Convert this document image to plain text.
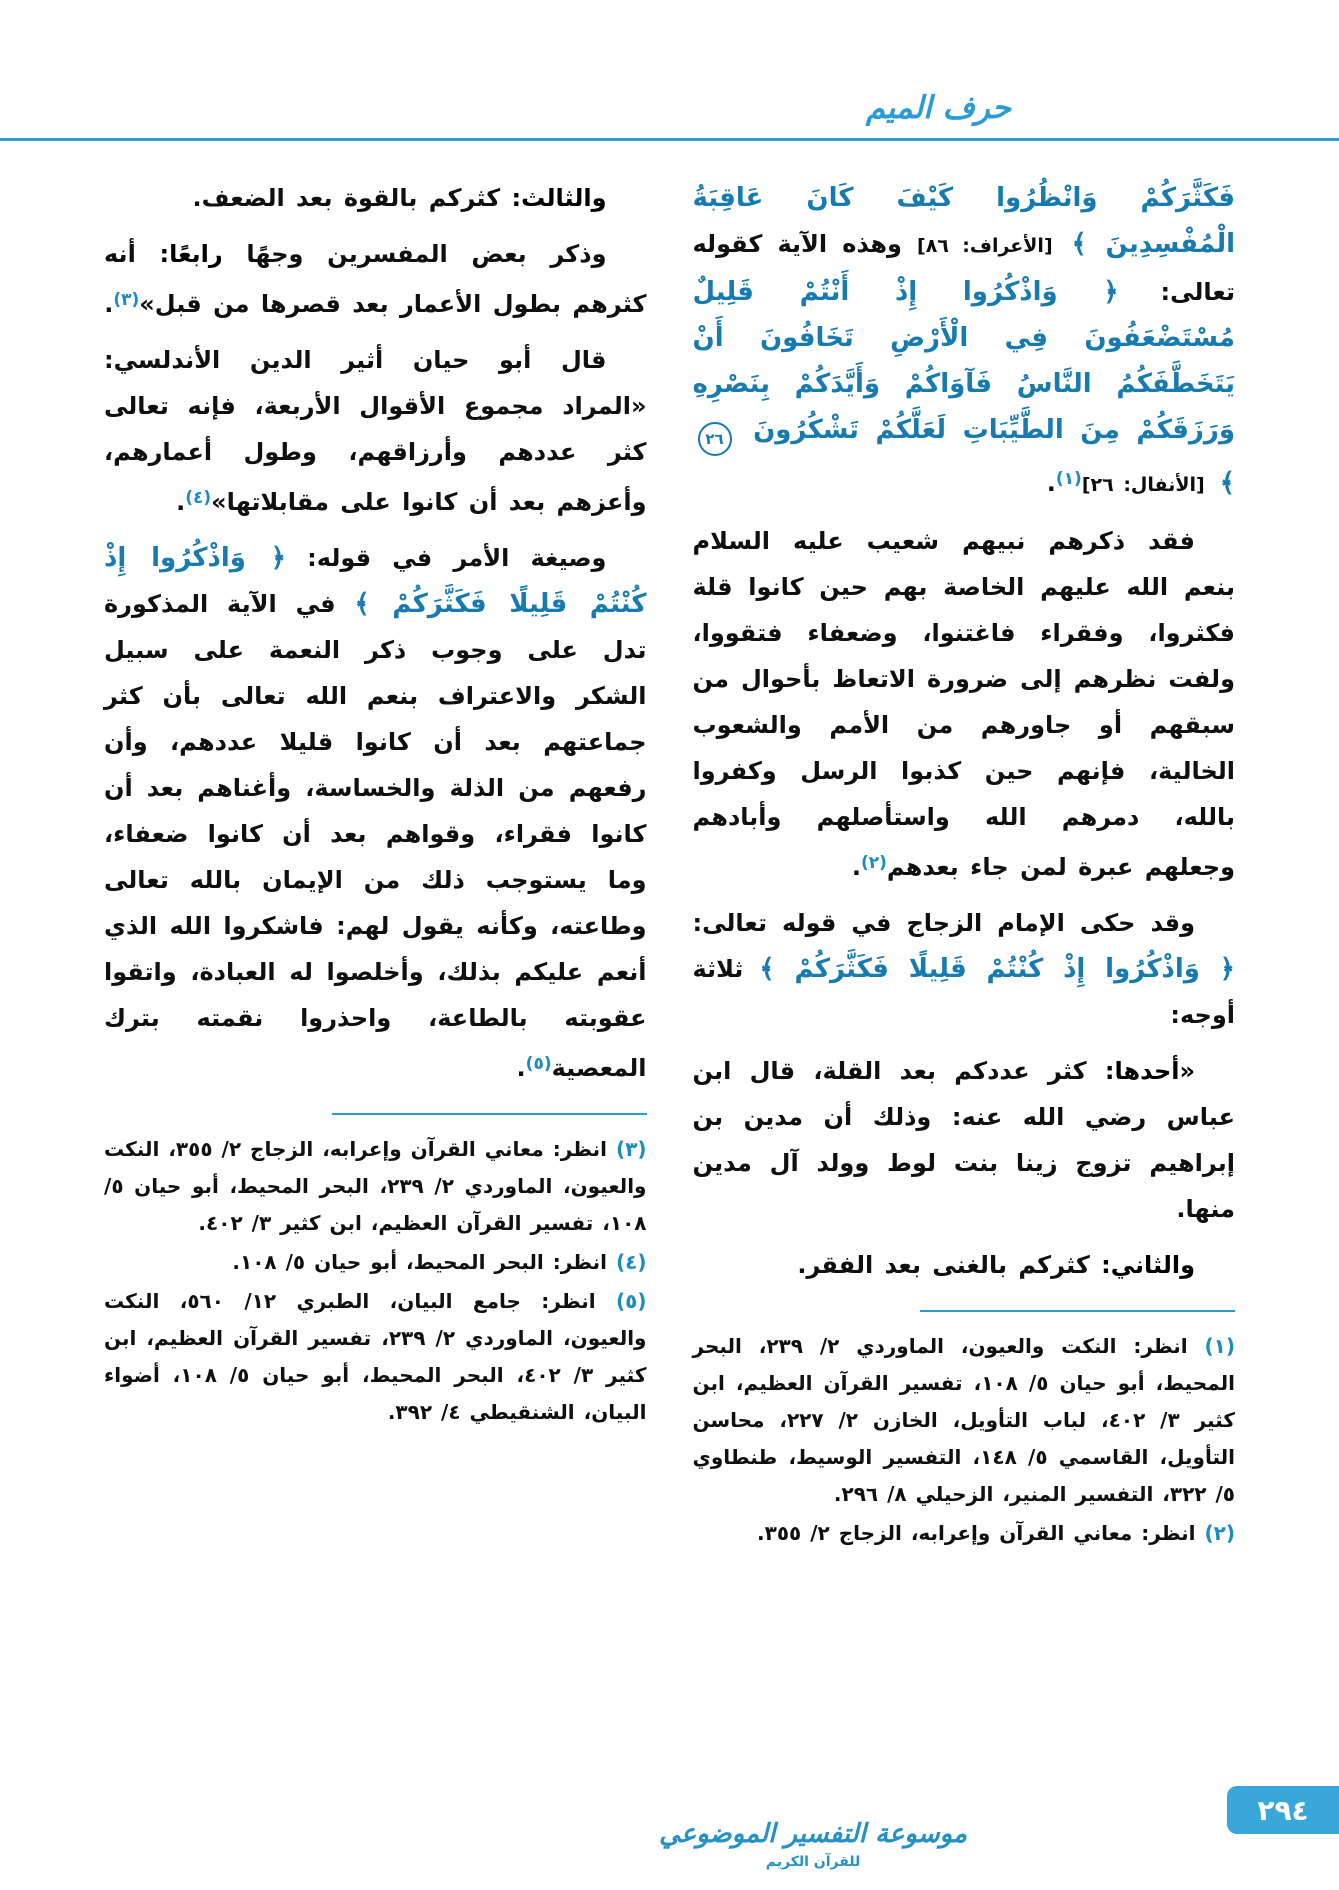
حرف الميم

فَكَثَّرَكُمْ وَانْظُرُوا كَيْفَ كَانَ عَاقِبَةُ الْمُفْسِدِينَ ﴾ [الأعراف: ٨٦] وهذه الآية كقوله تعالى: ﴿ وَاذْكُرُوا إِذْ أَنْتُمْ قَلِيلٌ مُسْتَضْعَفُونَ فِي الْأَرْضِ تَخَافُونَ أَنْ يَتَخَطَّفَكُمُ النَّاسُ فَآوَاكُمْ وَأَيَّدَكُمْ بِنَصْرِهِ وَرَزَقَكُمْ مِنَ الطَّيِّبَاتِ لَعَلَّكُمْ تَشْكُرُونَ ٢٦ ﴾ [الأنفال: ٢٦]$^{(١)}$.

فقد ذكرهم نبيهم شعيب عليه السلام بنعم الله عليهم الخاصة بهم حين كانوا قلة فكثروا، وفقراء فاغتنوا، وضعفاء فتقووا، ولفت نظرهم إلى ضرورة الاتعاظ بأحوال من سبقهم أو جاورهم من الأمم والشعوب الخالية، فإنهم حين كذبوا الرسل وكفروا بالله، دمرهم الله واستأصلهم وأبادهم وجعلهم عبرة لمن جاء بعدهم$^{(٢)}$.

وقد حكى الإمام الزجاج في قوله تعالى: ﴿ وَاذْكُرُوا إِذْ كُنْتُمْ قَلِيلًا فَكَثَّرَكُمْ ﴾ ثلاثة أوجه:

«أحدها: كثر عددكم بعد القلة، قال ابن عباس رضي الله عنه: وذلك أن مدين بن إبراهيم تزوج زينا بنت لوط وولد آل مدين منها.

والثاني: كثركم بالغنى بعد الفقر.

(١) انظر: النكت والعيون، الماوردي ٢/ ٢٣٩، البحر المحيط، أبو حيان ٥/ ١٠٨، تفسير القرآن العظيم، ابن كثير ٣/ ٤٠٢، لباب التأويل، الخازن ٢/ ٢٢٧، محاسن التأويل، القاسمي ٥/ ١٤٨، التفسير الوسيط، طنطاوي ٥/ ٣٢٢، التفسير المنير، الزحيلي ٨/ ٢٩٦.
(٢) انظر: معاني القرآن وإعرابه، الزجاج ٢/ ٣٥٥.

والثالث: كثركم بالقوة بعد الضعف.

وذكر بعض المفسرين وجهًا رابعًا: أنه كثرهم بطول الأعمار بعد قصرها من قبل»$^{(٣)}$.

قال أبو حيان أثير الدين الأندلسي: «المراد مجموع الأقوال الأربعة، فإنه تعالى كثر عددهم وأرزاقهم، وطول أعمارهم، وأعزهم بعد أن كانوا على مقابلاتها»$^{(٤)}$.

وصيغة الأمر في قوله: ﴿ وَاذْكُرُوا إِذْ كُنْتُمْ قَلِيلًا فَكَثَّرَكُمْ ﴾ في الآية المذكورة تدل على وجوب ذكر النعمة على سبيل الشكر والاعتراف بنعم الله تعالى بأن كثر جماعتهم بعد أن كانوا قليلا عددهم، وأن رفعهم من الذلة والخساسة، وأغناهم بعد أن كانوا فقراء، وقواهم بعد أن كانوا ضعفاء، وما يستوجب ذلك من الإيمان بالله تعالى وطاعته، وكأنه يقول لهم: فاشكروا الله الذي أنعم عليكم بذلك، وأخلصوا له العبادة، واتقوا عقوبته بالطاعة، واحذروا نقمته بترك المعصية$^{(٥)}$.

(٣) انظر: معاني القرآن وإعرابه، الزجاج ٢/ ٣٥٥، النكت والعيون، الماوردي ٢/ ٢٣٩، البحر المحيط، أبو حيان ٥/ ١٠٨، تفسير القرآن العظيم، ابن كثير ٣/ ٤٠٢.
(٤) انظر: البحر المحيط، أبو حيان ٥/ ١٠٨.
(٥) انظر: جامع البيان، الطبري ١٢/ ٥٦٠، النكت والعيون، الماوردي ٢/ ٢٣٩، تفسير القرآن العظيم، ابن كثير ٣/ ٤٠٢، البحر المحيط، أبو حيان ٥/ ١٠٨، أضواء البيان، الشنقيطي ٤/ ٣٩٢.
موسوعة التفسير الموضوعي
للقرآن الكريم
٢٩٤
